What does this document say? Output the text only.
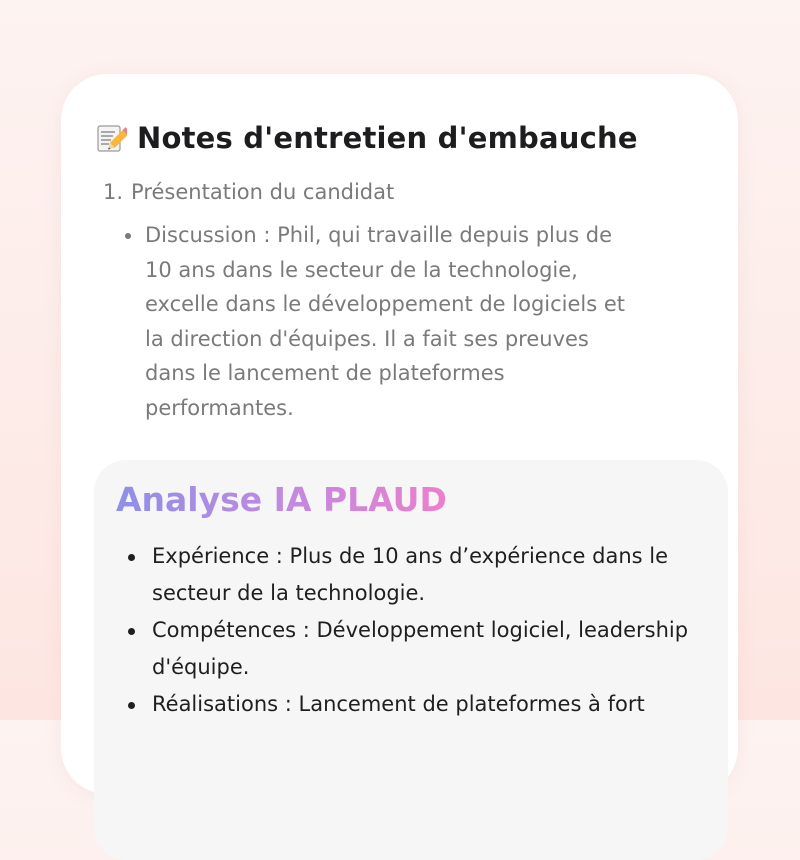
Notes d'entretien d'embauche
1. Présentation du candidat
Discussion : Phil, qui travaille depuis plus de 10 ans dans le secteur de la technologie, excelle dans le développement de logiciels et la direction d'équipes. Il a fait ses preuves dans le lancement de plateformes performantes.
Analyse IA PLAUD
Expérience : Plus de 10 ans d’expérience dans le secteur de la technologie.
Compétences : Développement logiciel, leadership d'équipe.
Réalisations : Lancement de plateformes à fort
